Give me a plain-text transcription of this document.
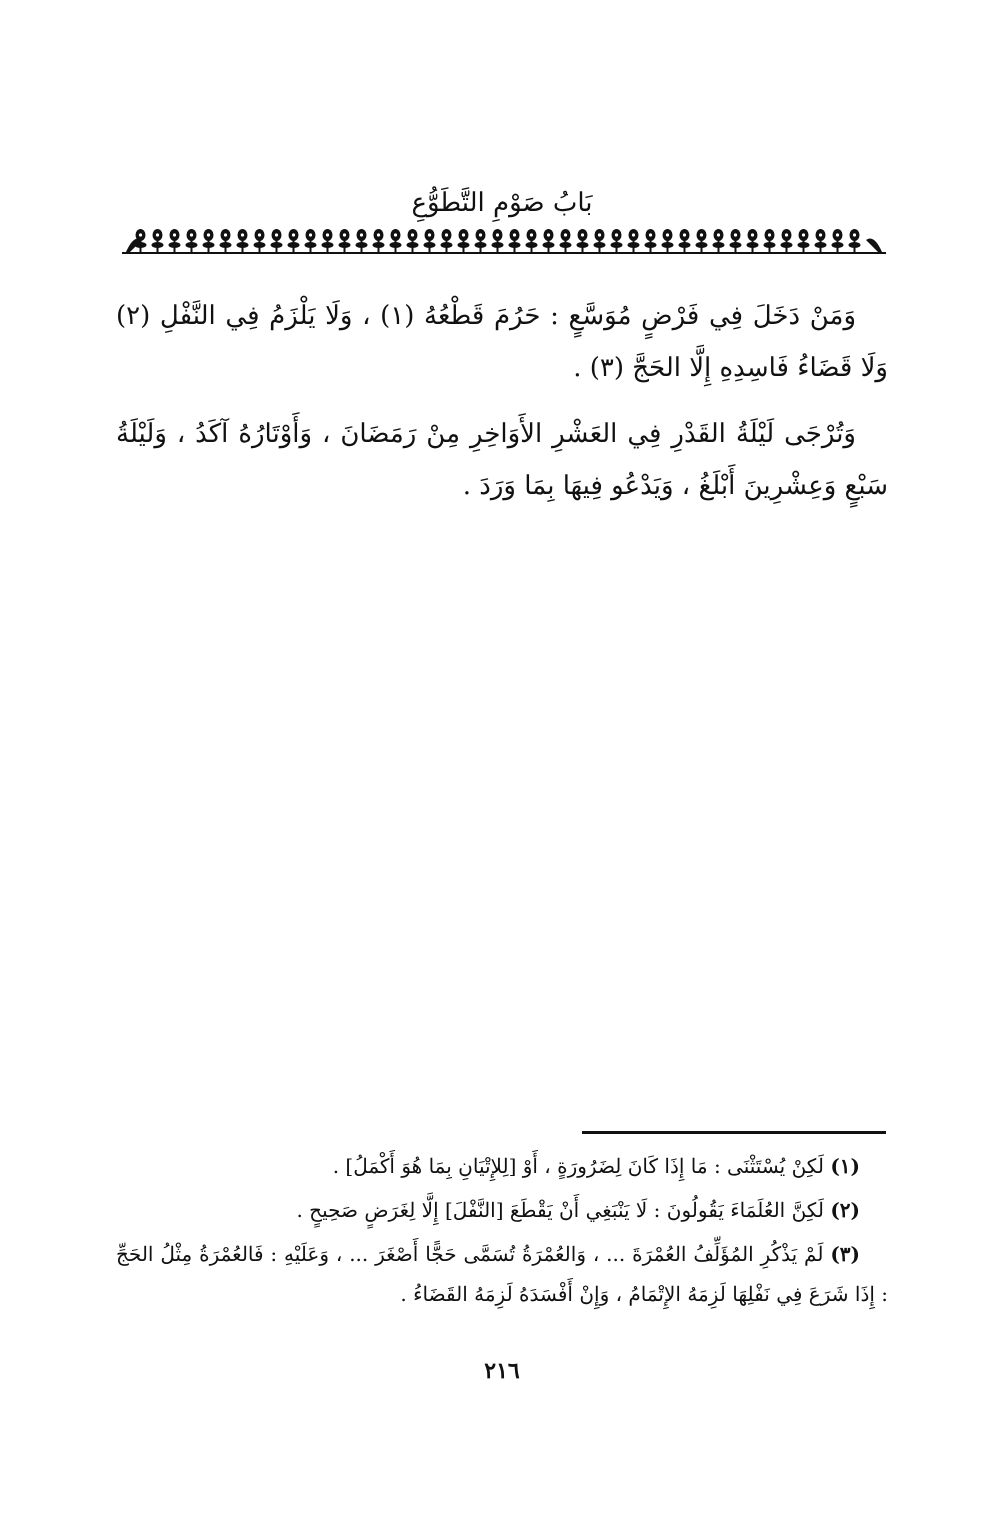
بَابُ صَوْمِ التَّطَوُّعِ

وَمَنْ دَخَلَ فِي فَرْضٍ مُوَسَّعٍ : حَرُمَ قَطْعُهُ (١) ، وَلَا يَلْزَمُ فِي النَّفْلِ (٢) وَلَا قَضَاءُ فَاسِدِهِ إِلَّا الحَجَّ (٣) .

وَتُرْجَى لَيْلَةُ القَدْرِ فِي العَشْرِ الأَوَاخِرِ مِنْ رَمَضَانَ ، وَأَوْتَارُهُ آكَدُ ، وَلَيْلَةُ سَبْعٍ وَعِشْرِينَ أَبْلَغُ ، وَيَدْعُو فِيهَا بِمَا وَرَدَ .

(١) لَكِنْ يُسْتَثْنَى : مَا إِذَا كَانَ لِضَرُورَةٍ ، أَوْ [لِلإِتْيَانِ بِمَا هُوَ أَكْمَلُ] .

(٢) لَكِنَّ العُلَمَاءَ يَقُولُونَ : لَا يَنْبَغِي أَنْ يَقْطَعَ [النَّفْلَ] إِلَّا لِغَرَضٍ صَحِيحٍ .

(٣) لَمْ يَذْكُرِ المُؤَلِّفُ العُمْرَةَ ... ، وَالعُمْرَةُ تُسَمَّى حَجًّا أَصْغَرَ ... ، وَعَلَيْهِ : فَالعُمْرَةُ مِثْلُ الحَجِّ : إِذَا شَرَعَ فِي نَفْلِهَا لَزِمَهُ الإِتْمَامُ ، وَإِنْ أَفْسَدَهُ لَزِمَهُ القَضَاءُ .

٢١٦
